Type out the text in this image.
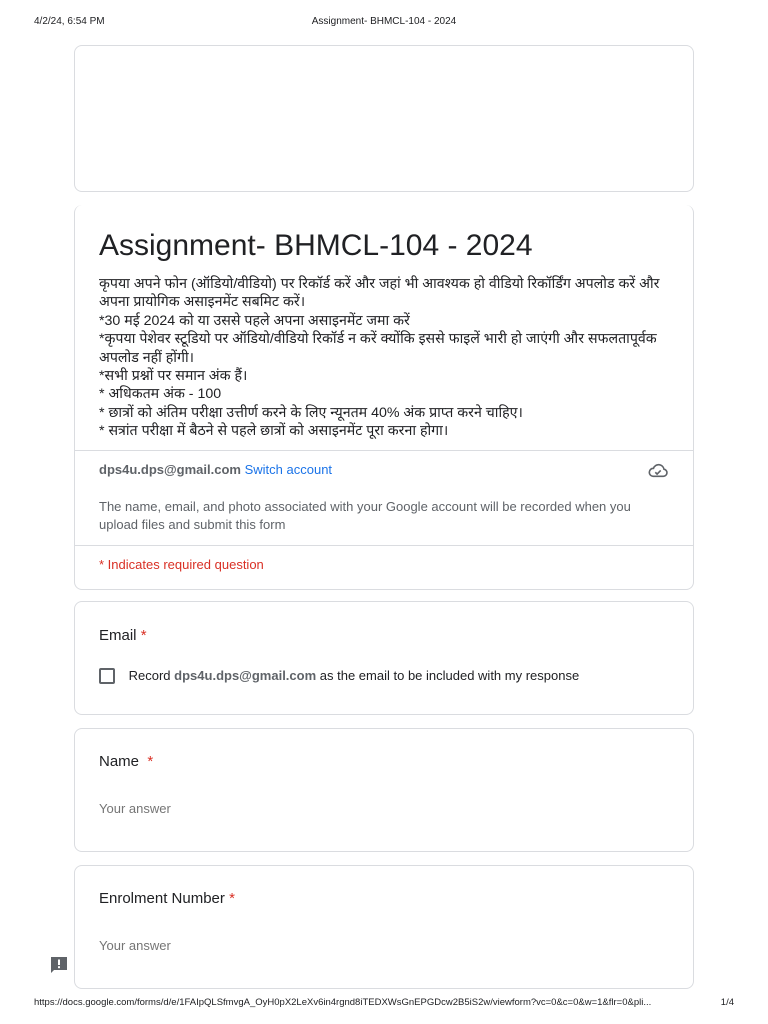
4/2/24, 6:54 PM	Assignment- BHMCL-104 - 2024
Assignment- BHMCL-104 - 2024
कृपया अपने फोन (ऑडियो/वीडियो) पर रिकॉर्ड करें और जहां भी आवश्यक हो वीडियो रिकॉर्डिंग अपलोड करें और अपना प्रायोगिक असाइनमेंट सबमिट करें।
*30 मई 2024 को या उससे पहले अपना असाइनमेंट जमा करें
*कृपया पेशेवर स्टूडियो पर ऑडियो/वीडियो रिकॉर्ड न करें क्योंकि इससे फाइलें भारी हो जाएंगी और सफलतापूर्वक अपलोड नहीं होंगी।
*सभी प्रश्नों पर समान अंक हैं।
* अधिकतम अंक - 100
* छात्रों को अंतिम परीक्षा उत्तीर्ण करने के लिए न्यूनतम 40% अंक प्राप्त करने चाहिए।
* सत्रांत परीक्षा में बैठने से पहले छात्रों को असाइनमेंट पूरा करना होगा।
dps4u.dps@gmail.com Switch account
The name, email, and photo associated with your Google account will be recorded when you upload files and submit this form
* Indicates required question
Email *
Record dps4u.dps@gmail.com as the email to be included with my response
Name *
Your answer
Enrolment Number *
Your answer
https://docs.google.com/forms/d/e/1FAIpQLSfmvgA_OyH0pX2LeXv6in4rgnd8iTEDXWsGnEPGDcw2B5iS2w/viewform?vc=0&c=0&w=1&flr=0&pli...	1/4
